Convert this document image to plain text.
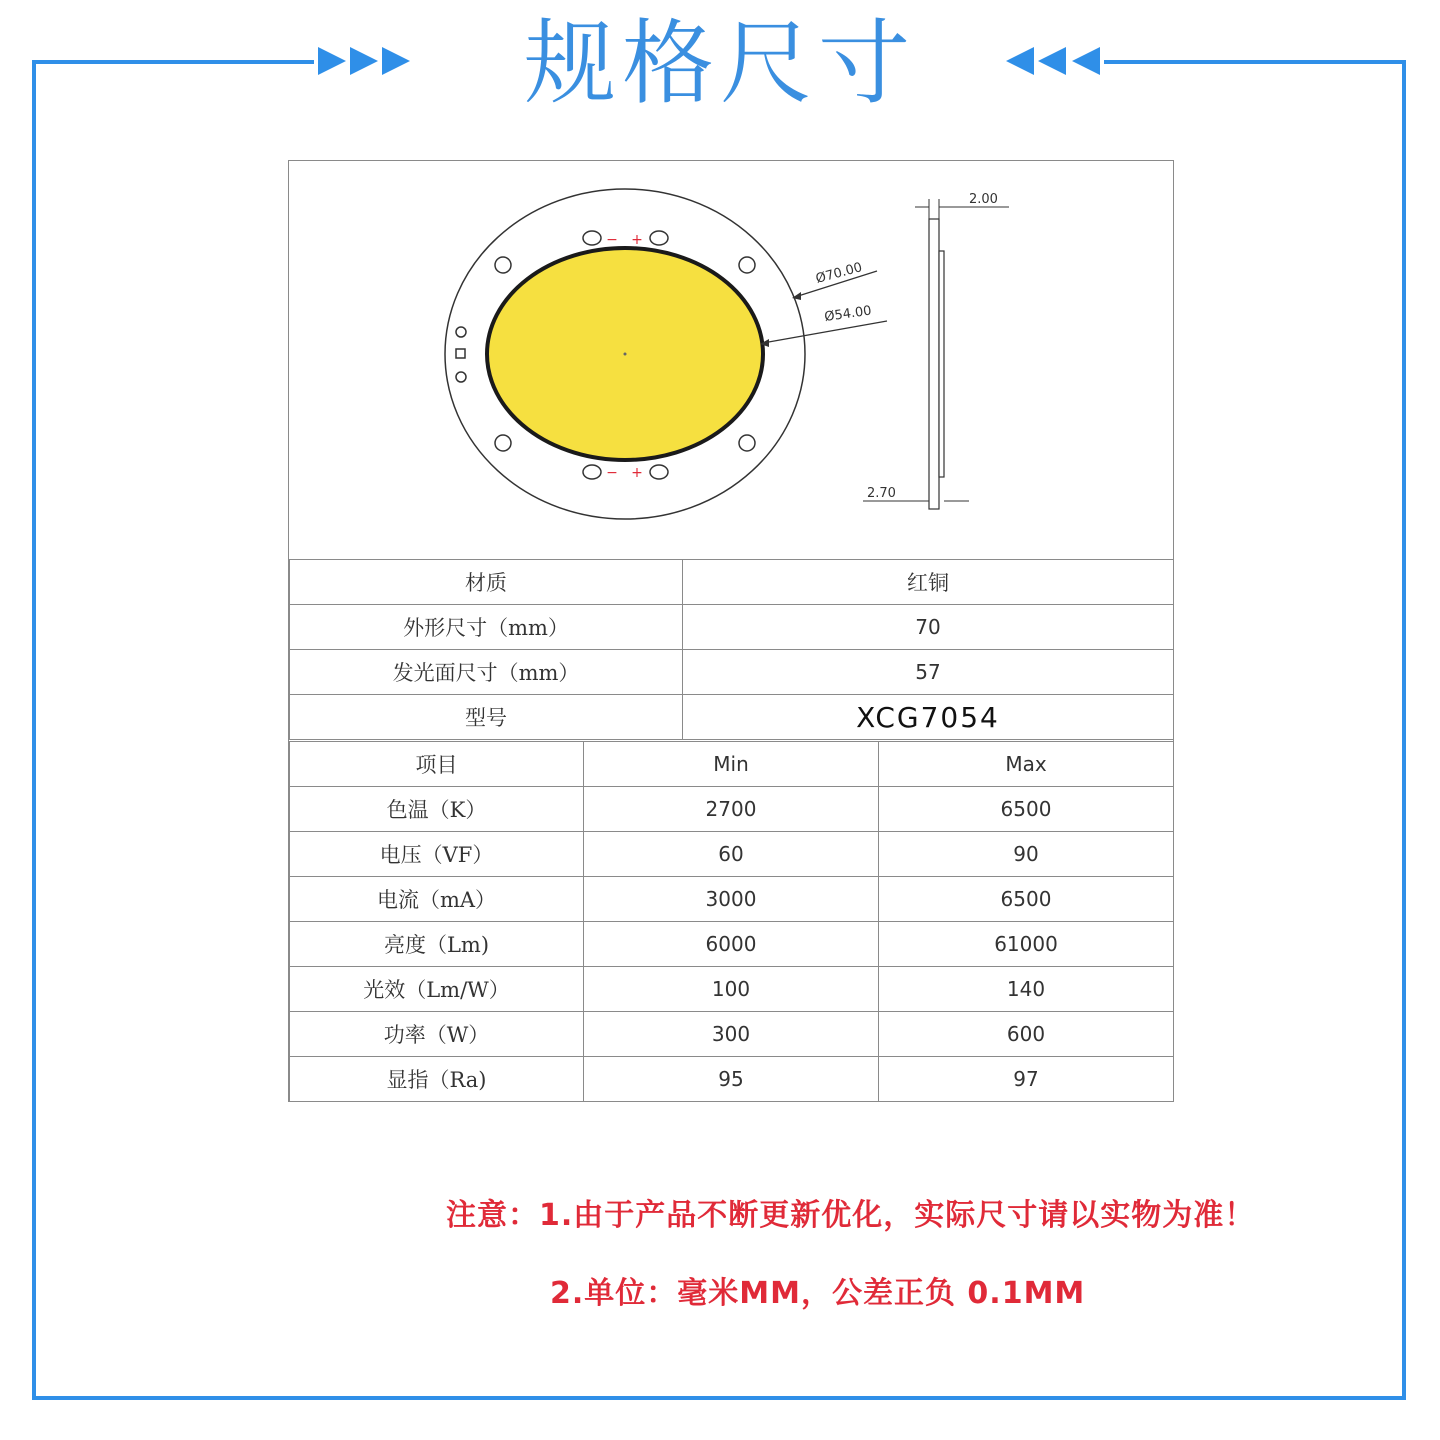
规格尺寸
− +
− +
Ø70.00
Ø54.00
2.00
2.70
材质	红铜
外形尺寸（mm）	70
发光面尺寸（mm）	57
型号	XCG7054
项目	Min	Max
色温（K）	2700	6500
电压（VF）	60	90
电流（mA）	3000	6500
亮度（Lm)	6000	61000
光效（Lm/W）	100	140
功率（W）	300	600
显指（Ra)	95	97
注意：1.由于产品不断更新优化，实际尺寸请以实物为准！
2.单位：毫米MM，公差正负 0.1MM
